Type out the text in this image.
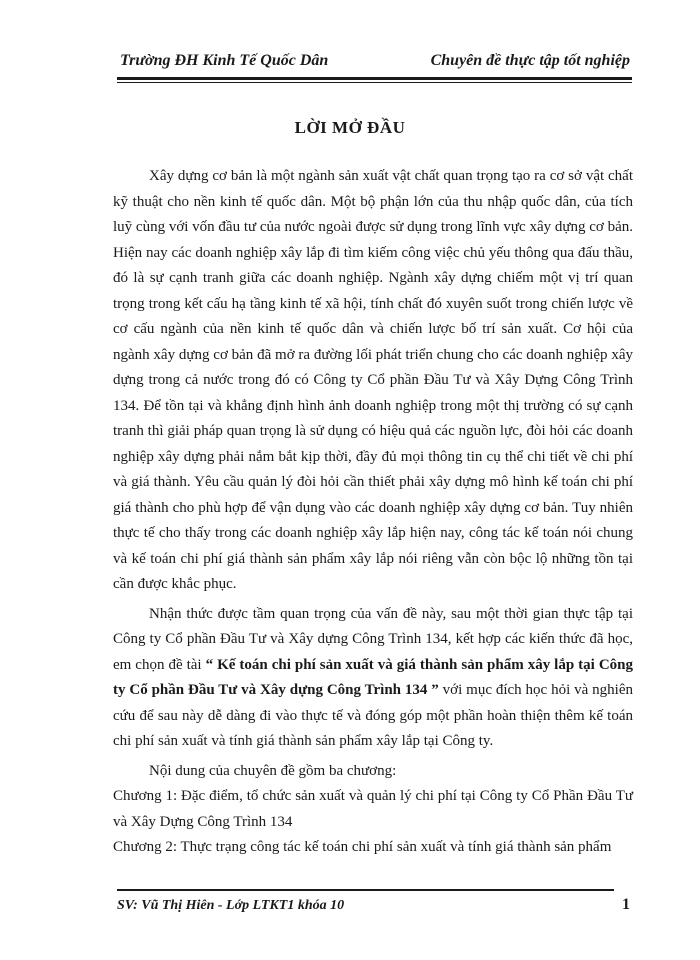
Trường ĐH Kinh Tế Quốc Dân	Chuyên đề thực tập tốt nghiệp
LỜI MỞ ĐẦU

Xây dựng cơ bản là một ngành sản xuất vật chất quan trọng tạo ra cơ sở vật chất kỹ thuật cho nền kinh tế quốc dân. Một bộ phận lớn của thu nhập quốc dân, của tích luỹ cùng với vốn đầu tư của nước ngoài được sử dụng trong lĩnh vực xây dựng cơ bản. Hiện nay các doanh nghiệp xây lắp đi tìm kiếm công việc chủ yếu thông qua đấu thầu, đó là sự cạnh tranh giữa các doanh nghiệp. Ngành xây dựng chiếm một vị trí quan trọng trong kết cấu hạ tầng kinh tế xã hội, tính chất đó xuyên suốt trong chiến lược về cơ cấu ngành của nền kinh tế quốc dân và chiến lược bố trí sản xuất. Cơ hội của ngành xây dựng cơ bản đã mở ra đường lối phát triển chung cho các doanh nghiệp xây dựng trong cả nước trong đó có Công ty Cổ phần Đầu Tư và Xây Dựng Công Trình 134. Để tồn tại và khẳng định hình ảnh doanh nghiệp trong một thị trường có sự cạnh tranh thì giải pháp quan trọng là sử dụng có hiệu quả các nguồn lực, đòi hỏi các doanh nghiệp xây dựng phải nắm bắt kịp thời, đầy đủ mọi thông tin cụ thể chi tiết về chi phí và giá thành. Yêu cầu quản lý đòi hỏi cần thiết phải xây dựng mô hình kế toán chi phí giá thành cho phù hợp để vận dụng vào các doanh nghiệp xây dựng cơ bản. Tuy nhiên thực tế cho thấy trong các doanh nghiệp xây lắp hiện nay, công tác kế toán nói chung và kế toán chi phí giá thành sản phẩm xây lắp nói riêng vẫn còn bộc lộ những tồn tại cần được khắc phục.

Nhận thức được tầm quan trọng của vấn đề này, sau một thời gian thực tập tại Công ty Cổ phần Đầu Tư và Xây dựng Công Trình 134, kết hợp các kiến thức đã học, em chọn đề tài “ Kế toán chi phí sản xuất và giá thành sản phẩm xây lắp tại Công ty Cổ phần Đầu Tư và Xây dựng Công Trình 134 ” với mục đích học hỏi và nghiên cứu để sau này dễ dàng đi vào thực tế và đóng góp một phần hoàn thiện thêm kế toán chi phí sản xuất và tính giá thành sản phẩm xây lắp tại Công ty.

Nội dung của chuyên đề gồm ba chương:

Chương 1: Đặc điểm, tổ chức sản xuất và quản lý chi phí tại Công ty Cổ Phần Đầu Tư và Xây Dựng Công Trình 134

Chương 2: Thực trạng công tác kế toán chi phí sản xuất và tính giá thành sản phẩm

SV: Vũ Thị Hiên - Lớp LTKT1 khóa 10	1
